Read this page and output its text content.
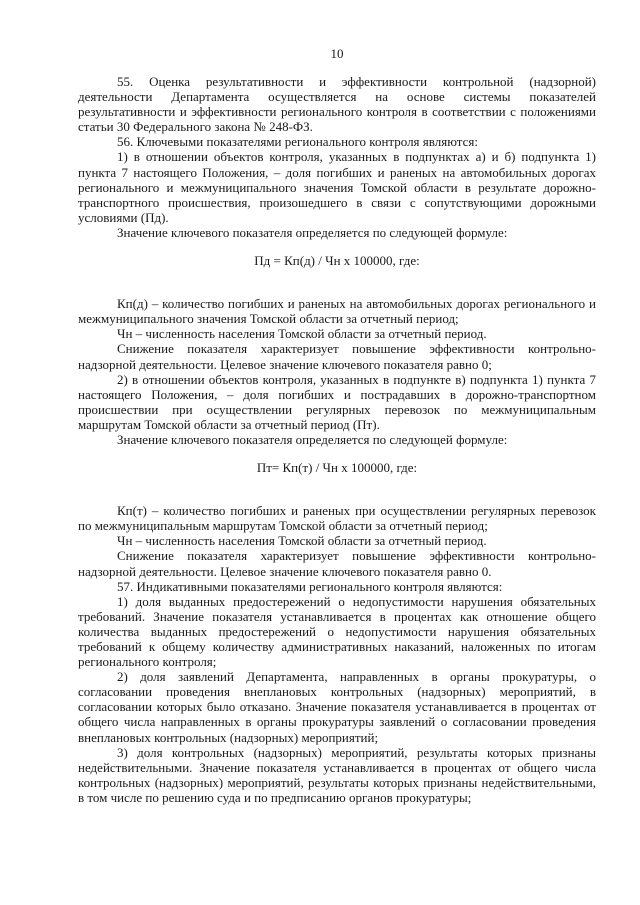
10

55. Оценка результативности и эффективности контрольной (надзорной) деятельности Департамента осуществляется на основе системы показателей результативности и эффективности регионального контроля в соответствии с положениями статьи 30 Федерального закона № 248-ФЗ.

56. Ключевыми показателями регионального контроля являются:

1) в отношении объектов контроля, указанных в подпунктах а) и б) подпункта 1) пункта 7 настоящего Положения, – доля погибших и раненых на автомобильных дорогах регионального и межмуниципального значения Томской области в результате дорожно-транспортного происшествия, произошедшего в связи с сопутствующими дорожными условиями (Пд).

Значение ключевого показателя определяется по следующей формуле:

Пд = Кп(д) / Чн х 100000, где:

Кп(д) – количество погибших и раненых на автомобильных дорогах регионального и межмуниципального значения Томской области за отчетный период;

Чн – численность населения Томской области за отчетный период.

Снижение показателя характеризует повышение эффективности контрольно-надзорной деятельности. Целевое значение ключевого показателя равно 0;

2) в отношении объектов контроля, указанных в подпункте в) подпункта 1) пункта 7 настоящего Положения, – доля погибших и пострадавших в дорожно-транспортном происшествии при осуществлении регулярных перевозок по межмуниципальным маршрутам Томской области за отчетный период (Пт).

Значение ключевого показателя определяется по следующей формуле:

Пт= Кп(т) / Чн х 100000, где:

Кп(т) – количество погибших и раненых при осуществлении регулярных перевозок по межмуниципальным маршрутам Томской области за отчетный период;

Чн – численность населения Томской области за отчетный период.

Снижение показателя характеризует повышение эффективности контрольно-надзорной деятельности. Целевое значение ключевого показателя равно 0.

57. Индикативными показателями регионального контроля являются:

1) доля выданных предостережений о недопустимости нарушения обязательных требований. Значение показателя устанавливается в процентах как отношение общего количества выданных предостережений о недопустимости нарушения обязательных требований к общему количеству административных наказаний, наложенных по итогам регионального контроля;

2) доля заявлений Департамента, направленных в органы прокуратуры, о согласовании проведения внеплановых контрольных (надзорных) мероприятий, в согласовании которых было отказано. Значение показателя устанавливается в процентах от общего числа направленных в органы прокуратуры заявлений о согласовании проведения внеплановых контрольных (надзорных) мероприятий;

3) доля контрольных (надзорных) мероприятий, результаты которых признаны недействительными. Значение показателя устанавливается в процентах от общего числа контрольных (надзорных) мероприятий, результаты которых признаны недействительными, в том числе по решению суда и по предписанию органов прокуратуры;
